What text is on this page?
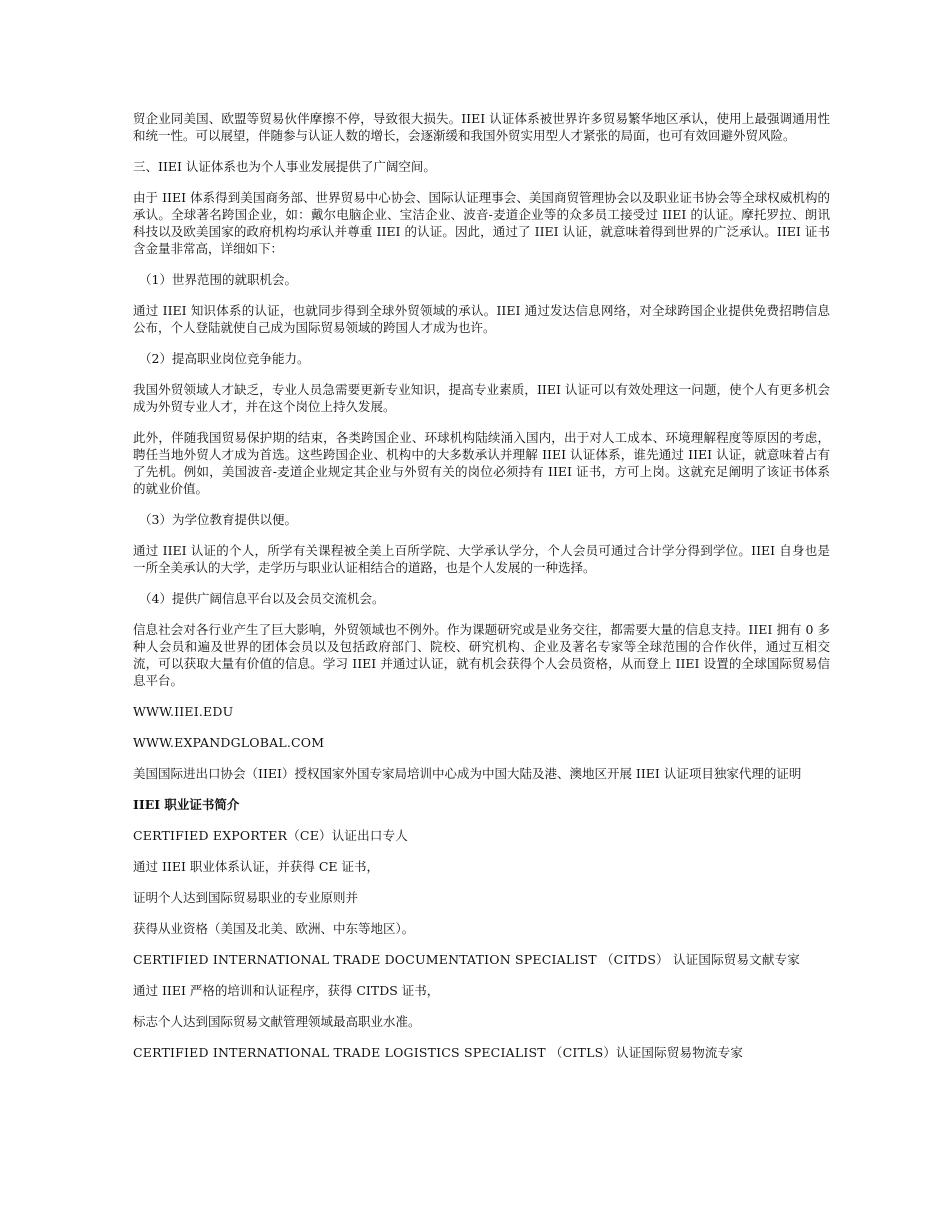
贸企业同美国、欧盟等贸易伙伴摩擦不停，导致很大损失。IIEI 认证体系被世界许多贸易繁华地区承认，使用上最强调通用性和统一性。可以展望，伴随参与认证人数的增长，会逐渐缓和我国外贸实用型人才紧张的局面，也可有效回避外贸风险。

三、IIEI 认证体系也为个人事业发展提供了广阔空间。

由于 IIEI 体系得到美国商务部、世界贸易中心协会、国际认证理事会、美国商贸管理协会以及职业证书协会等全球权威机构的承认。全球著名跨国企业，如：戴尔电脑企业、宝洁企业、波音-麦道企业等的众多员工接受过 IIEI 的认证。摩托罗拉、朗讯科技以及欧美国家的政府机构均承认并尊重 IIEI 的认证。因此，通过了 IIEI 认证，就意味着得到世界的广泛承认。IIEI 证书含金量非常高，详细如下：

（1）世界范围的就职机会。

通过 IIEI 知识体系的认证，也就同步得到全球外贸领域的承认。IIEI 通过发达信息网络，对全球跨国企业提供免费招聘信息公布，个人登陆就使自己成为国际贸易领域的跨国人才成为也许。

（2）提高职业岗位竞争能力。

我国外贸领域人才缺乏，专业人员急需要更新专业知识，提高专业素质，IIEI 认证可以有效处理这一问题，使个人有更多机会成为外贸专业人才，并在这个岗位上持久发展。

此外，伴随我国贸易保护期的结束，各类跨国企业、环球机构陆续涌入国内，出于对人工成本、环境理解程度等原因的考虑，聘任当地外贸人才成为首选。这些跨国企业、机构中的大多数承认并理解 IIEI 认证体系，谁先通过 IIEI 认证，就意味着占有了先机。例如，美国波音-麦道企业规定其企业与外贸有关的岗位必须持有 IIEI 证书，方可上岗。这就充足阐明了该证书体系的就业价值。

（3）为学位教育提供以便。

通过 IIEI 认证的个人，所学有关课程被全美上百所学院、大学承认学分，个人会员可通过合计学分得到学位。IIEI 自身也是一所全美承认的大学，走学历与职业认证相结合的道路，也是个人发展的一种选择。

（4）提供广阔信息平台以及会员交流机会。

信息社会对各行业产生了巨大影响，外贸领域也不例外。作为课题研究或是业务交往，都需要大量的信息支持。IIEI 拥有 0 多种人会员和遍及世界的团体会员以及包括政府部门、院校、研究机构、企业及著名专家等全球范围的合作伙伴，通过互相交流，可以获取大量有价值的信息。学习 IIEI 并通过认证，就有机会获得个人会员资格，从而登上 IIEI 设置的全球国际贸易信息平台。

WWW.IIEI.EDU

WWW.EXPANDGLOBAL.COM

美国国际进出口协会（IIEI）授权国家外国专家局培训中心成为中国大陆及港、澳地区开展 IIEI 认证项目独家代理的证明

IIEI 职业证书简介

CERTIFIED EXPORTER（CE）认证出口专人

通过 IIEI 职业体系认证，并获得 CE 证书，

证明个人达到国际贸易职业的专业原则并

获得从业资格（美国及北美、欧洲、中东等地区）。

CERTIFIED INTERNATIONAL TRADE DOCUMENTATION SPECIALIST （CITDS） 认证国际贸易文献专家

通过 IIEI 严格的培训和认证程序，获得 CITDS 证书，

标志个人达到国际贸易文献管理领域最高职业水准。

CERTIFIED INTERNATIONAL TRADE LOGISTICS SPECIALIST （CITLS）认证国际贸易物流专家
